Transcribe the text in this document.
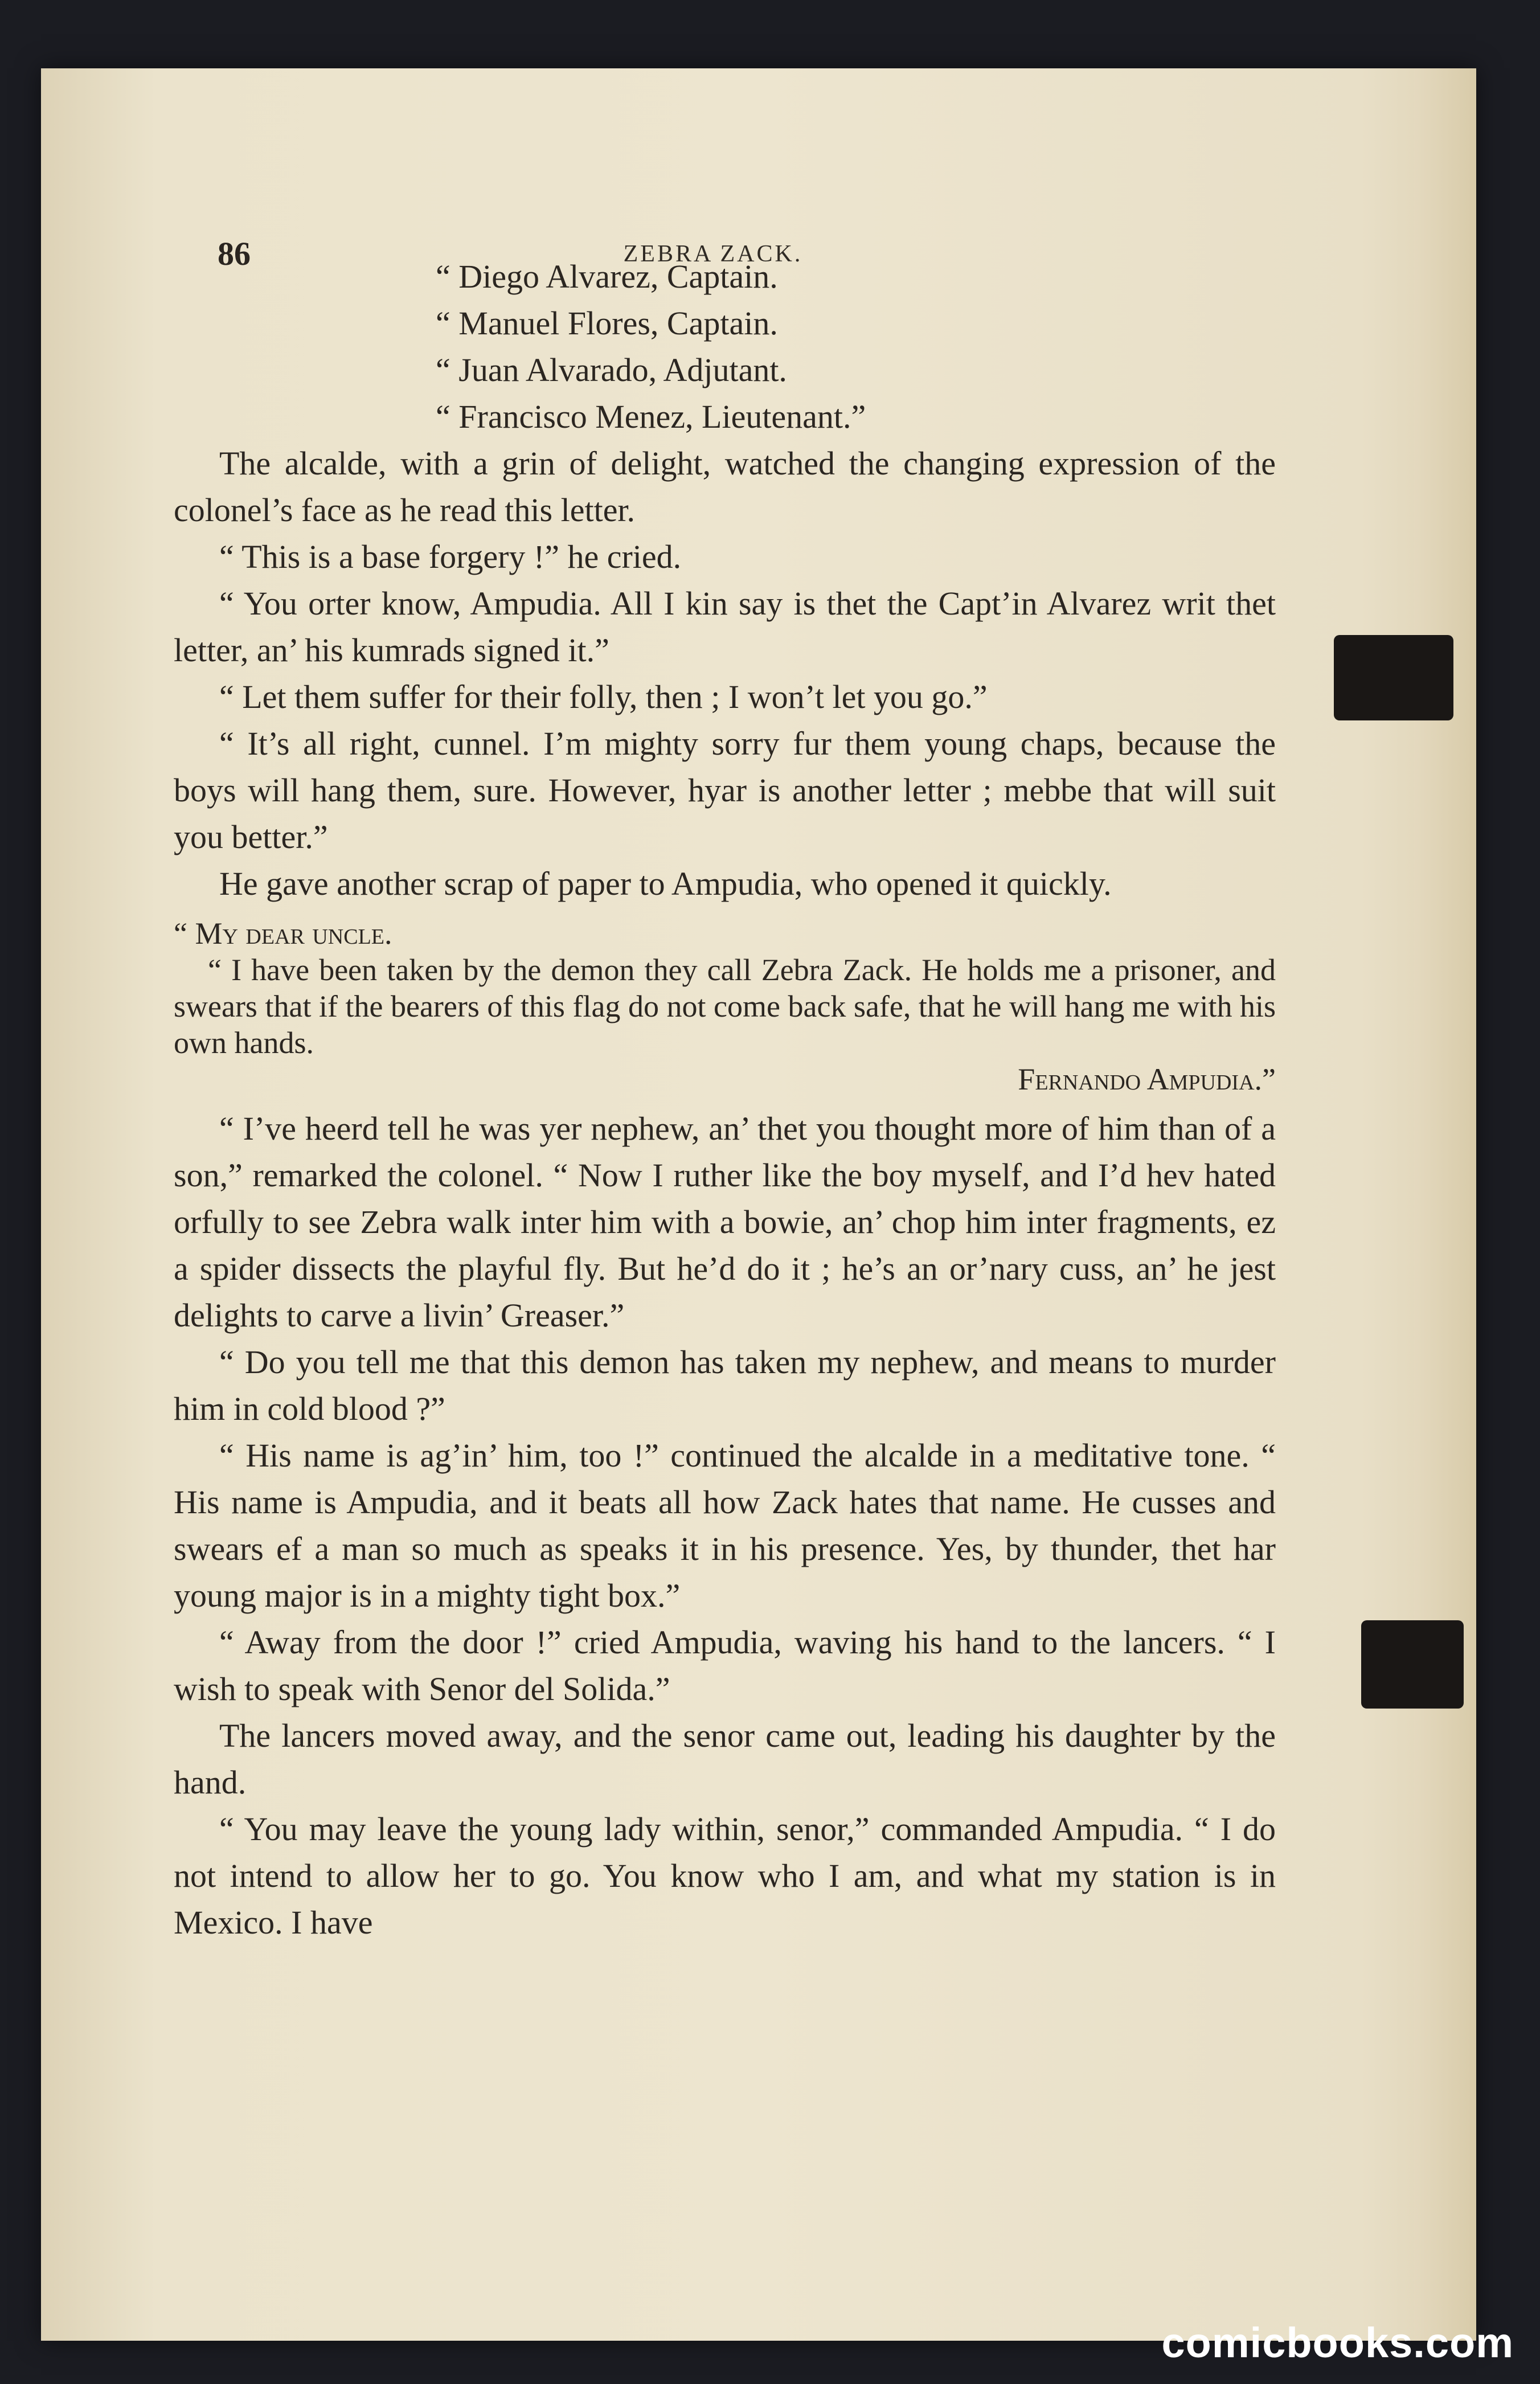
86	ZEBRA ZACK.
“ Diego Alvarez, Captain.
“ Manuel Flores, Captain.
“ Juan Alvarado, Adjutant.
“ Francisco Menez, Lieutenant.”

The alcalde, with a grin of delight, watched the changing expression of the colonel’s face as he read this letter.

“ This is a base forgery !” he cried.

“ You orter know, Ampudia. All I kin say is thet the Capt’in Alvarez writ thet letter, an’ his kumrads signed it.”

“ Let them suffer for their folly, then ; I won’t let you go.”

“ It’s all right, cunnel. I’m mighty sorry fur them young chaps, because the boys will hang them, sure. However, hyar is another letter ; mebbe that will suit you better.”

He gave another scrap of paper to Ampudia, who opened it quickly.

“ My dear uncle.

“ I have been taken by the demon they call Zebra Zack. He holds me a prisoner, and swears that if the bearers of this flag do not come back safe, that he will hang me with his own hands.

Fernando Ampudia.”

“ I’ve heerd tell he was yer nephew, an’ thet you thought more of him than of a son,” remarked the colonel. “ Now I ruther like the boy myself, and I’d hev hated orfully to see Zebra walk inter him with a bowie, an’ chop him inter fragments, ez a spider dissects the playful fly. But he’d do it ; he’s an or’nary cuss, an’ he jest delights to carve a livin’ Greaser.”

“ Do you tell me that this demon has taken my nephew, and means to murder him in cold blood ?”

“ His name is ag’in’ him, too !” continued the alcalde in a meditative tone. “ His name is Ampudia, and it beats all how Zack hates that name. He cusses and swears ef a man so much as speaks it in his presence. Yes, by thunder, thet har young major is in a mighty tight box.”

“ Away from the door !” cried Ampudia, waving his hand to the lancers. “ I wish to speak with Senor del Solida.”

The lancers moved away, and the senor came out, leading his daughter by the hand.

“ You may leave the young lady within, senor,” commanded Ampudia. “ I do not intend to allow her to go. You know who I am, and what my station is in Mexico. I have

comicbooks.com
